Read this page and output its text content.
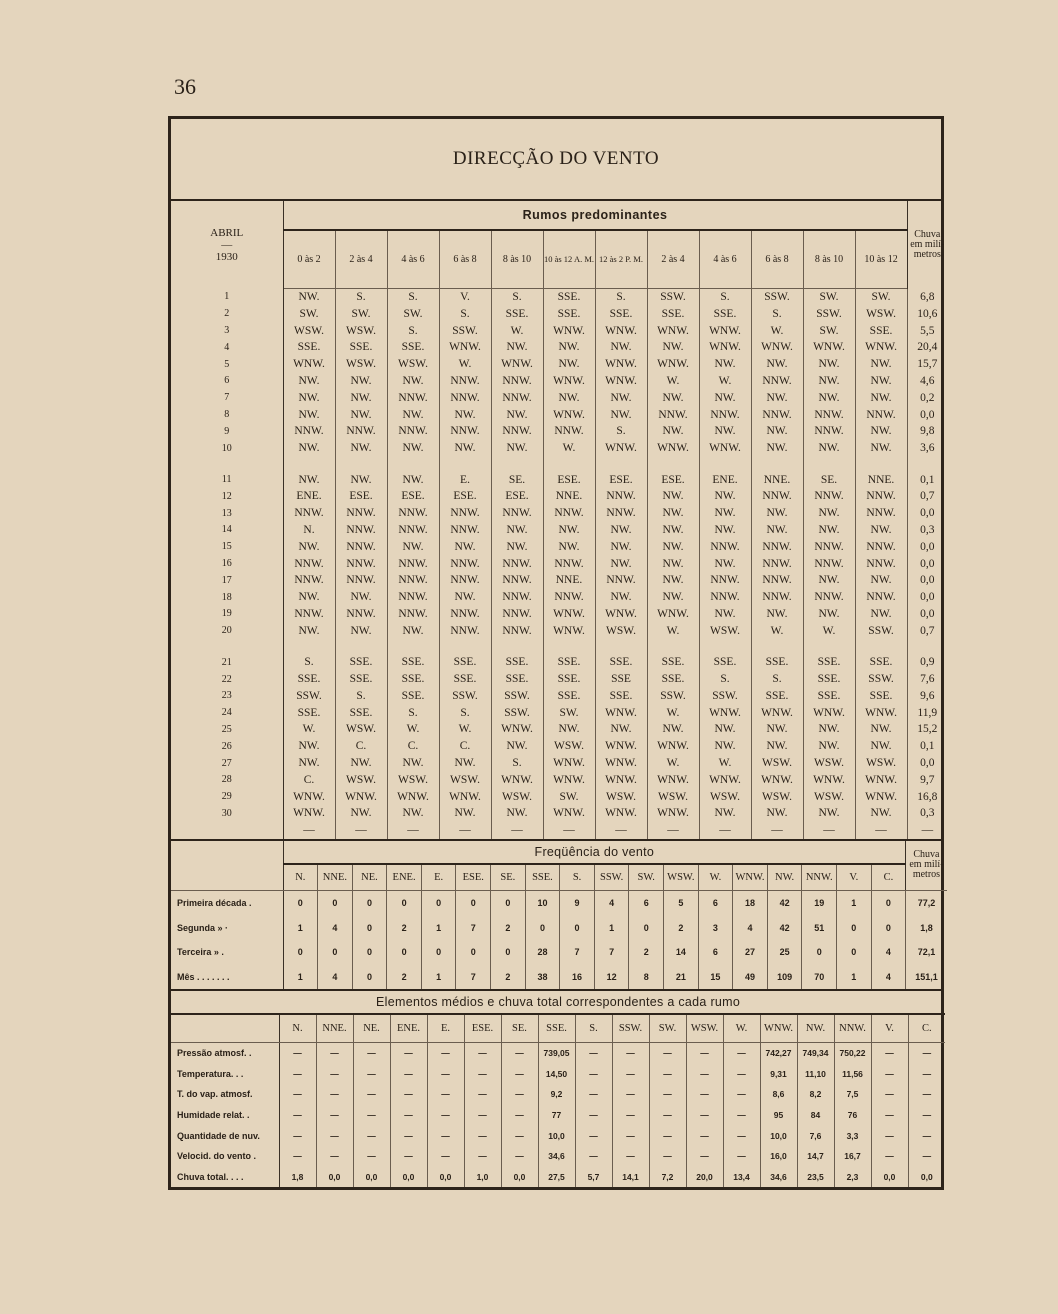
36
DIRECÇÃO DO VENTO
ABRIL
—
1930	Rumos predominantes												Chuva em milí- metros
	0 às 2	2 às 4	4 às 6	6 às 8	8 às 10	10 às 12 A. M.	12 às 2 P. M.	2 às 4	4 às 6	6 às 8	8 às 10	10 às 12	
1	NW.	S.	S.	V.	S.	SSE.	S.	SSW.	S.	SSW.	SW.	SW.	6,8
2	SW.	SW.	SW.	S.	SSE.	SSE.	SSE.	SSE.	SSE.	S.	SSW.	WSW.	10,6
3	WSW.	WSW.	S.	SSW.	W.	WNW.	WNW.	WNW.	WNW.	W.	SW.	SSE.	5,5
4	SSE.	SSE.	SSE.	WNW.	NW.	NW.	NW.	NW.	WNW.	WNW.	WNW.	WNW.	20,4
5	WNW.	WSW.	WSW.	W.	WNW.	NW.	WNW.	WNW.	NW.	NW.	NW.	NW.	15,7
6	NW.	NW.	NW.	NNW.	NNW.	WNW.	WNW.	W.	W.	NNW.	NW.	NW.	4,6
7	NW.	NW.	NNW.	NNW.	NNW.	NW.	NW.	NW.	NW.	NW.	NW.	NW.	0,2
8	NW.	NW.	NW.	NW.	NW.	WNW.	NW.	NNW.	NNW.	NNW.	NNW.	NNW.	0,0
9	NNW.	NNW.	NNW.	NNW.	NNW.	NNW.	S.	NW.	NW.	NW.	NNW.	NW.	9,8
10	NW.	NW.	NW.	NW.	NW.	W.	WNW.	WNW.	WNW.	NW.	NW.	NW.	3,6

11	NW.	NW.	NW.	E.	SE.	ESE.	ESE.	ESE.	ENE.	NNE.	SE.	NNE.	0,1
12	ENE.	ESE.	ESE.	ESE.	ESE.	NNE.	NNW.	NW.	NW.	NNW.	NNW.	NNW.	0,7
13	NNW.	NNW.	NNW.	NNW.	NNW.	NNW.	NNW.	NW.	NW.	NW.	NW.	NNW.	0,0
14	N.	NNW.	NNW.	NNW.	NW.	NW.	NW.	NW.	NW.	NW.	NW.	NW.	0,3
15	NW.	NNW.	NW.	NW.	NW.	NW.	NW.	NW.	NNW.	NNW.	NNW.	NNW.	0,0
16	NNW.	NNW.	NNW.	NNW.	NNW.	NNW.	NW.	NW.	NW.	NNW.	NNW.	NNW.	0,0
17	NNW.	NNW.	NNW.	NNW.	NNW.	NNE.	NNW.	NW.	NNW.	NNW.	NW.	NW.	0,0
18	NW.	NW.	NNW.	NW.	NNW.	NNW.	NW.	NW.	NNW.	NNW.	NNW.	NNW.	0,0
19	NNW.	NNW.	NNW.	NNW.	NNW.	WNW.	WNW.	WNW.	NW.	NW.	NW.	NW.	0,0
20	NW.	NW.	NW.	NNW.	NNW.	WNW.	WSW.	W.	WSW.	W.	W.	SSW.	0,7

21	S.	SSE.	SSE.	SSE.	SSE.	SSE.	SSE.	SSE.	SSE.	SSE.	SSE.	SSE.	0,9
22	SSE.	SSE.	SSE.	SSE.	SSE.	SSE.	SSE	SSE.	S.	S.	SSE.	SSW.	7,6
23	SSW.	S.	SSE.	SSW.	SSW.	SSE.	SSE.	SSW.	SSW.	SSE.	SSE.	SSE.	9,6
24	SSE.	SSE.	S.	S.	SSW.	SW.	WNW.	W.	WNW.	WNW.	WNW.	WNW.	11,9
25	W.	WSW.	W.	W.	WNW.	NW.	NW.	NW.	NW.	NW.	NW.	NW.	15,2
26	NW.	C.	C.	C.	NW.	WSW.	WNW.	WNW.	NW.	NW.	NW.	NW.	0,1
27	NW.	NW.	NW.	NW.	S.	WNW.	WNW.	W.	W.	WSW.	WSW.	WSW.	0,0
28	C.	WSW.	WSW.	WSW.	WNW.	WNW.	WNW.	WNW.	WNW.	WNW.	WNW.	WNW.	9,7
29	WNW.	WNW.	WNW.	WNW.	WSW.	SW.	WSW.	WSW.	WSW.	WSW.	WSW.	WNW.	16,8
30	WNW.	NW.	NW.	NW.	NW.	WNW.	WNW.	WNW.	NW.	NW.	NW.	NW.	0,3
	—	—	—	—	—	—	—	—	—	—	—	—	—
	Freqüência do vento																		Chuva em milí- metros
	N.	NNE.	NE.	ENE.	E.	ESE.	SE.	SSE.	S.	SSW.	SW.	WSW.	W.	WNW.	NW.	NNW.	V.	C.	
Primeira década .	0	0	0	0	0	0	0	10	9	4	6	5	6	18	42	19	1	0	77,2
Segunda » ·	1	4	0	2	1	7	2	0	0	1	0	2	3	4	42	51	0	0	1,8
Terceira » .	0	0	0	0	0	0	0	28	7	7	2	14	6	27	25	0	0	4	72,1
Mês . . . . . . .	1	4	0	2	1	7	2	38	16	12	8	21	15	49	109	70	1	4	151,1
Elementos médios e chuva total correspondentes a cada rumo																		
	N.	NNE.	NE.	ENE.	E.	ESE.	SE.	SSE.	S.	SSW.	SW.	WSW.	W.	WNW.	NW.	NNW.	V.	C.
Pressão atmosf. .	—	—	—	—	—	—	—	739,05	—	—	—	—	—	742,27	749,34	750,22	—	—
Temperatura. . .	—	—	—	—	—	—	—	14,50	—	—	—	—	—	9,31	11,10	11,56	—	—
T. do vap. atmosf.	—	—	—	—	—	—	—	9,2	—	—	—	—	—	8,6	8,2	7,5	—	—
Humidade relat. .	—	—	—	—	—	—	—	77	—	—	—	—	—	95	84	76	—	—
Quantidade de nuv.	—	—	—	—	—	—	—	10,0	—	—	—	—	—	10,0	7,6	3,3	—	—
Velocid. do vento .	—	—	—	—	—	—	—	34,6	—	—	—	—	—	16,0	14,7	16,7	—	—
Chuva total. . . .	1,8	0,0	0,0	0,0	0,0	1,0	0,0	27,5	5,7	14,1	7,2	20,0	13,4	34,6	23,5	2,3	0,0	0,0
